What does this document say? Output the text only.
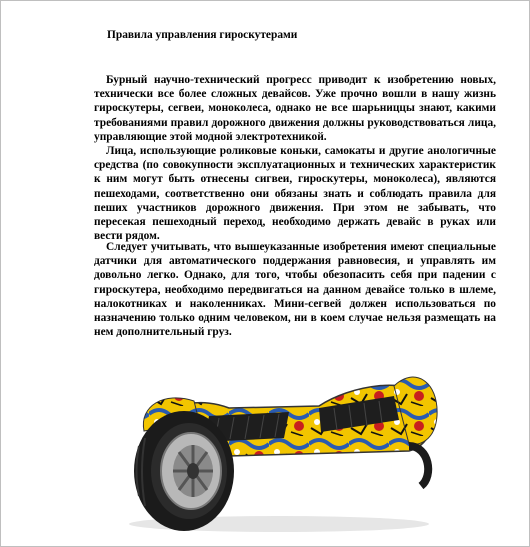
Правила управления гироскутерами

Бурный научно-технический прогресс приводит к изобретению новых, технически все более сложных девайсов. Уже прочно вошли в нашу жизнь гироскутеры, сегвеи, моноколеса, однако не все шарьниццы знают, какими требованиями правил дорожного движения должны руководствоваться лица, управляющие этой модной электротехникой.

Лица, использующие роликовые коньки, самокаты и другие анологичные средства (по совокупности эксплуатационных и технических характеристик к ним могут быть отнесены сигвеи, гироскутеры, моноколеса), являются пешеходами, соответственно они обязаны знать и соблюдать правила для пеших участников дорожного движения. При этом не забывать, что пересекая пешеходный переход, необходимо держать девайс в руках или вести рядом.

Следует учитывать, что вышеуказанные изобретения имеют специальные датчики для автоматического поддержания равновесия, и управлять им довольно легко. Однако, для того, чтобы обезопасить себя при падении с гироскутера, необходимо передвигаться на данном девайсе только в шлеме, налокотниках и наколенниках. Мини-сегвей должен использоваться по назначению только одним человеком, ни в коем случае нельзя размещать на нем дополнительный груз.
